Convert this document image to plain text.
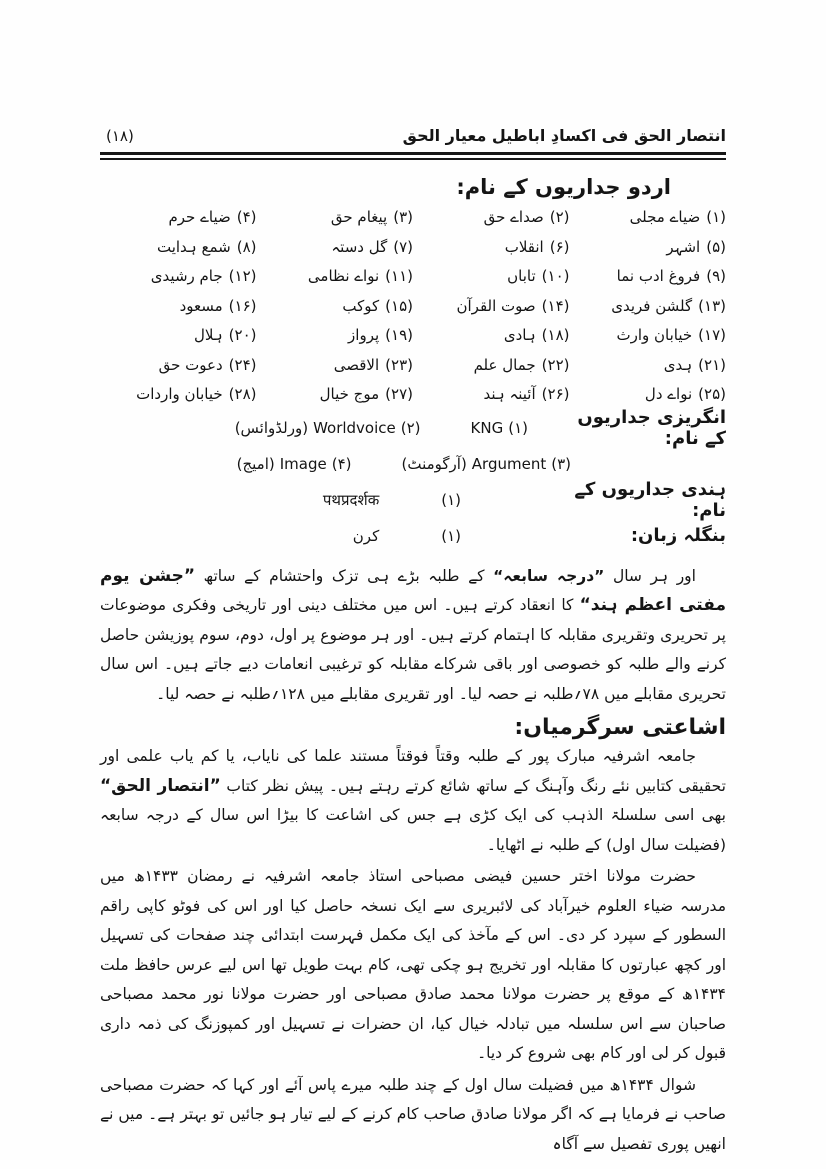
انتصار الحق فی اکسادِ اباطیل معیار الحق
(۱۸)
اردو جداریوں کے نام:
(۱)ضیاے مجلی
(۲)صداے حق
(۳)پیغام حق
(۴)ضیاے حرم
(۵)اشہر
(۶)انقلاب
(۷)گل دستہ
(۸)شمع ہدایت
(۹)فروغ ادب نما
(۱۰)تاباں
(۱۱)نواے نظامی
(۱۲)جام رشیدی
(۱۳)گلشن فریدی
(۱۴)صوت القرآن
(۱۵)کوکب
(۱۶)مسعود
(۱۷)خیابان وارث
(۱۸)ہادی
(۱۹)پرواز
(۲۰)ہلال
(۲۱)ہدی
(۲۲)جمال علم
(۲۳)الاقصی
(۲۴)دعوت حق
(۲۵)نواے دل
(۲۶)آئینہ ہند
(۲۷)موج خیال
(۲۸)خیابان واردات
انگریزی جداریوں کے نام:
(۱)KNG
(۲)Worldvoice(ورلڈوائس)
(۳)Argument(آرگومنٹ)
(۴)Image(امیج)
ہندی جداریوں کے نام:
(۱)
पथप्रदर्शक
بنگلہ زبان:
(۱)
کرن

اور ہر سال ”درجہ سابعہ“ کے طلبہ بڑے ہی تزک واحتشام کے ساتھ ”جشن یوم مفتی اعظم ہند“ کا انعقاد کرتے ہیں۔ اس میں مختلف دینی اور تاریخی وفکری موضوعات پر تحریری وتقریری مقابلہ کا اہتمام کرتے ہیں۔ اور ہر موضوع پر اول، دوم، سوم پوزیشن حاصل کرنے والے طلبہ کو خصوصی اور باقی شرکاے مقابلہ کو ترغیبی انعامات دیے جاتے ہیں۔ اس سال تحریری مقابلے میں ۷۸؍طلبہ نے حصہ لیا۔ اور تقریری مقابلے میں ۱۲۸؍طلبہ نے حصہ لیا۔

اشاعتی سرگرمیاں:

جامعہ اشرفیہ مبارک پور کے طلبہ وقتاً فوقتاً مستند علما کی نایاب، یا کم یاب علمی اور تحقیقی کتابیں نئے رنگ وآہنگ کے ساتھ شائع کرتے رہتے ہیں۔ پیش نظر کتاب ”انتصار الحق“ بھی اسی سلسلۃ الذہب کی ایک کڑی ہے جس کی اشاعت کا بیڑا اس سال کے درجہ سابعہ (فضیلت سال اول) کے طلبہ نے اٹھایا۔

حضرت مولانا اختر حسین فیضی مصباحی استاذ جامعہ اشرفیہ نے رمضان ۱۴۳۳ھ میں مدرسہ ضیاء العلوم خیرآباد کی لائبریری سے ایک نسخہ حاصل کیا اور اس کی فوٹو کاپی راقم السطور کے سپرد کر دی۔ اس کے مآخذ کی ایک مکمل فہرست ابتدائی چند صفحات کی تسہیل اور کچھ عبارتوں کا مقابلہ اور تخریج ہو چکی تھی، کام بہت طویل تھا اس لیے عرس حافظ ملت ۱۴۳۴ھ کے موقع پر حضرت مولانا محمد صادق مصباحی اور حضرت مولانا نور محمد مصباحی صاحبان سے اس سلسلہ میں تبادلہ خیال کیا، ان حضرات نے تسہیل اور کمپوزنگ کی ذمہ داری قبول کر لی اور کام بھی شروع کر دیا۔

شوال ۱۴۳۴ھ میں فضیلت سال اول کے چند طلبہ میرے پاس آئے اور کہا کہ حضرت مصباحی صاحب نے فرمایا ہے کہ اگر مولانا صادق صاحب کام کرنے کے لیے تیار ہو جائیں تو بہتر ہے۔ میں نے انھیں پوری تفصیل سے آگاہ
